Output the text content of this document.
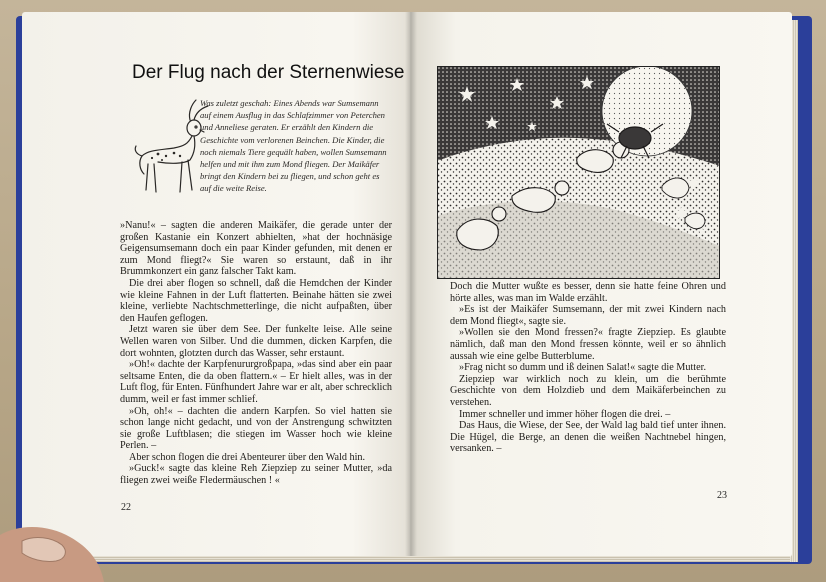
Der Flug nach der Sternenwiese
Was zuletzt geschah: Eines Abends war Sumsemann auf einem Ausflug in das Schlafzimmer von Peterchen und Anneliese geraten. Er erzählt den Kindern die Geschichte vom verlorenen Beinchen. Die Kinder, die noch niemals Tiere gequält haben, wollen Sumsemann helfen und mit ihm zum Mond fliegen. Der Maikäfer bringt den Kindern bei zu fliegen, und schon geht es auf die weite Reise.

»Nanu!« – sagten die anderen Maikäfer, die gerade unter der großen Kastanie ein Konzert abhielten, »hat der hochnäsige Geigensumsemann doch ein paar Kinder gefunden, mit denen er zum Mond fliegt?« Sie waren so erstaunt, daß in ihr Brummkonzert ein ganz falscher Takt kam.

Die drei aber flogen so schnell, daß die Hemdchen der Kinder wie kleine Fahnen in der Luft flatterten. Beinahe hätten sie zwei kleine, verliebte Nachtschmetterlinge, die nicht aufpaßten, über den Haufen geflogen.

Jetzt waren sie über dem See. Der funkelte leise. Alle seine Wellen waren von Silber. Und die dummen, dicken Karpfen, die dort wohnten, glotzten durch das Wasser, sehr erstaunt.

»Oh!« dachte der Karpfenururgroßpapa, »das sind aber ein paar seltsame Enten, die da oben flattern.« – Er hielt alles, was in der Luft flog, für Enten. Fünfhundert Jahre war er alt, aber schrecklich dumm, weil er fast immer schlief.

»Oh, oh!« – dachten die andern Karpfen. So viel hatten sie schon lange nicht gedacht, und von der Anstrengung schwitzten sie große Luftblasen; die stiegen im Wasser hoch wie kleine Perlen. –

Aber schon flogen die drei Abenteurer über den Wald hin.

»Guck!« sagte das kleine Reh Ziepziep zu seiner Mutter, »da fliegen zwei weiße Fledermäuschen ! «

22

Doch die Mutter wußte es besser, denn sie hatte feine Ohren und hörte alles, was man im Walde erzählt.

»Es ist der Maikäfer Sumsemann, der mit zwei Kindern nach dem Mond fliegt«, sagte sie.

»Wollen sie den Mond fressen?« fragte Ziepziep. Es glaubte nämlich, daß man den Mond fressen könnte, weil er so ähnlich aussah wie eine gelbe Butterblume.

»Frag nicht so dumm und iß deinen Salat!« sagte die Mutter.

Ziepziep war wirklich noch zu klein, um die berühmte Geschichte von dem Holzdieb und dem Maikäferbeinchen zu verstehen.

Immer schneller und immer höher flogen die drei. –

Das Haus, die Wiese, der See, der Wald lag bald tief unter ihnen. Die Hügel, die Berge, an denen die weißen Nachtnebel hingen, versanken. –

23
